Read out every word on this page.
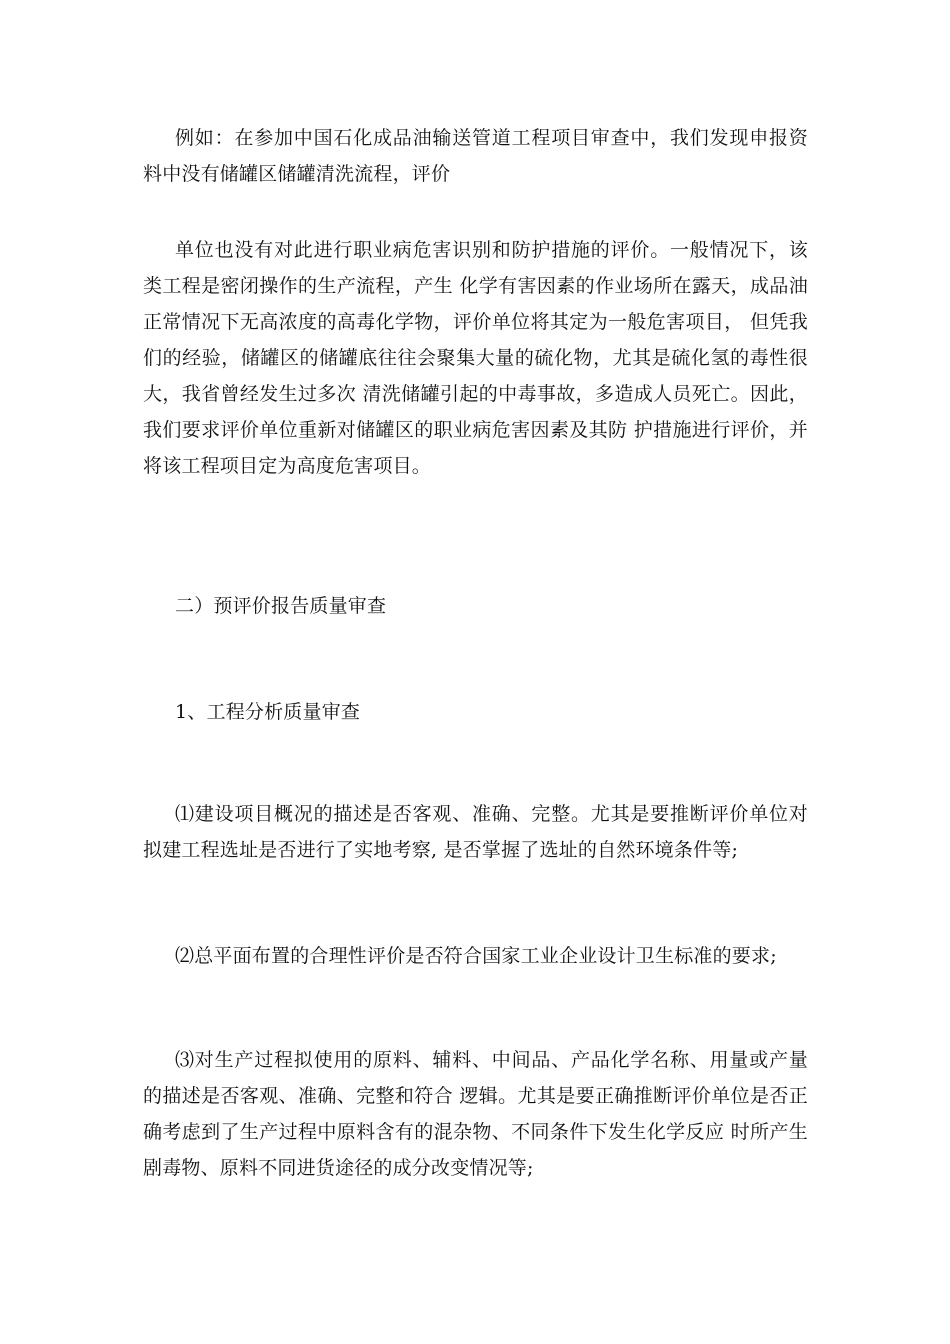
例如：在参加中国石化成品油输送管道工程项目审查中，我们发现申报资料中没有储罐区储罐清洗流程，评价

单位也没有对此进行职业病危害识别和防护措施的评价。一般情况下，该类工程是密闭操作的生产流程，产生 化学有害因素的作业场所在露天，成品油正常情况下无高浓度的高毒化学物，评价单位将其定为一般危害项目， 但凭我们的经验，储罐区的储罐底往往会聚集大量的硫化物，尤其是硫化氢的毒性很大，我省曾经发生过多次 清洗储罐引起的中毒事故，多造成人员死亡。因此，我们要求评价单位重新对储罐区的职业病危害因素及其防 护措施进行评价，并将该工程项目定为高度危害项目。

二）预评价报告质量审查

1、工程分析质量审查

⑴建设项目概况的描述是否客观、准确、完整。尤其是要推断评价单位对拟建工程选址是否进行了实地考察, 是否掌握了选址的自然环境条件等;

⑵总平面布置的合理性评价是否符合国家工业企业设计卫生标准的要求;

⑶对生产过程拟使用的原料、辅料、中间品、产品化学名称、用量或产量的描述是否客观、准确、完整和符合 逻辑。尤其是要正确推断评价单位是否正确考虑到了生产过程中原料含有的混杂物、不同条件下发生化学反应 时所产生剧毒物、原料不同进货途径的成分改变情况等;
